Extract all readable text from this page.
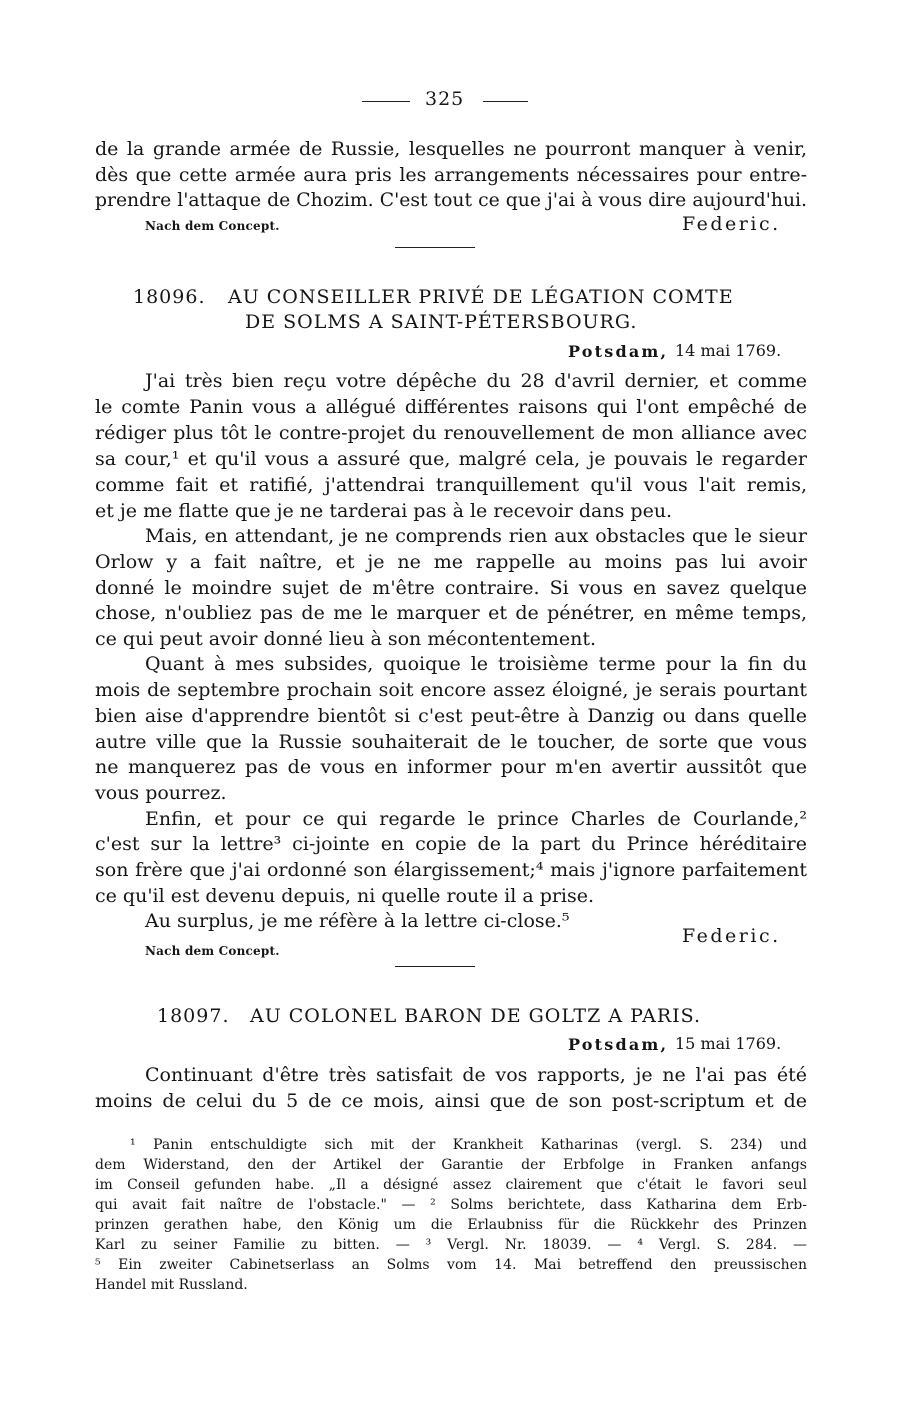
325
de la grande armée de Russie, lesquelles ne pourront manquer à venir,
dès que cette armée aura pris les arrangements nécessaires pour entre-
prendre l'attaque de Chozim. C'est tout ce que j'ai à vous dire aujourd'hui.
Nach dem Concept.	Federic.
18096. AU CONSEILLER PRIVÉ DE LÉGATION COMTE
DE SOLMS A SAINT-PÉTERSBOURG.
Potsdam, 14 mai 1769.
J'ai très bien reçu votre dépêche du 28 d'avril dernier, et comme
le comte Panin vous a allégué différentes raisons qui l'ont empêché de
rédiger plus tôt le contre-projet du renouvellement de mon alliance avec
sa cour,¹ et qu'il vous a assuré que, malgré cela, je pouvais le regarder
comme fait et ratifié, j'attendrai tranquillement qu'il vous l'ait remis,
et je me flatte que je ne tarderai pas à le recevoir dans peu.
Mais, en attendant, je ne comprends rien aux obstacles que le sieur
Orlow y a fait naître, et je ne me rappelle au moins pas lui avoir
donné le moindre sujet de m'être contraire. Si vous en savez quelque
chose, n'oubliez pas de me le marquer et de pénétrer, en même temps,
ce qui peut avoir donné lieu à son mécontentement.
Quant à mes subsides, quoique le troisième terme pour la fin du
mois de septembre prochain soit encore assez éloigné, je serais pourtant
bien aise d'apprendre bientôt si c'est peut-être à Danzig ou dans quelle
autre ville que la Russie souhaiterait de le toucher, de sorte que vous
ne manquerez pas de vous en informer pour m'en avertir aussitôt que
vous pourrez.
Enfin, et pour ce qui regarde le prince Charles de Courlande,²
c'est sur la lettre³ ci-jointe en copie de la part du Prince héréditaire
son frère que j'ai ordonné son élargissement;⁴ mais j'ignore parfaitement
ce qu'il est devenu depuis, ni quelle route il a prise.
Au surplus, je me réfère à la lettre ci-close.⁵
Federic.
Nach dem Concept.
18097. AU COLONEL BARON DE GOLTZ A PARIS.
Potsdam, 15 mai 1769.
Continuant d'être très satisfait de vos rapports, je ne l'ai pas été
moins de celui du 5 de ce mois, ainsi que de son post-scriptum et de
¹ Panin entschuldigte sich mit der Krankheit Katharinas (vergl. S. 234) und
dem Widerstand, den der Artikel der Garantie der Erbfolge in Franken anfangs
im Conseil gefunden habe. „Il a désigné assez clairement que c'était le favori seul
qui avait fait naître de l'obstacle." — ² Solms berichtete, dass Katharina dem Erb-
prinzen gerathen habe, den König um die Erlaubniss für die Rückkehr des Prinzen
Karl zu seiner Familie zu bitten. — ³ Vergl. Nr. 18039. — ⁴ Vergl. S. 284. —
⁵ Ein zweiter Cabinetserlass an Solms vom 14. Mai betreffend den preussischen
Handel mit Russland.
